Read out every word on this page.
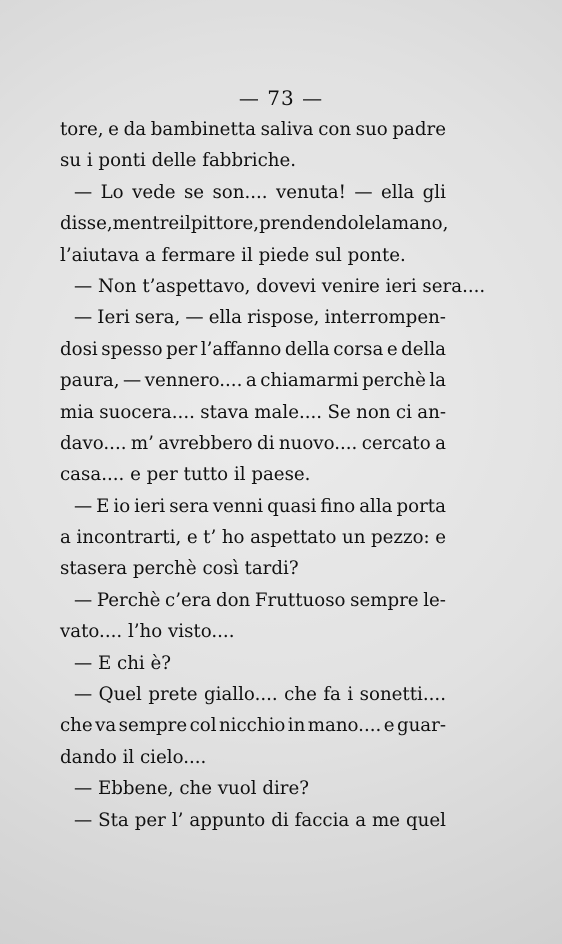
— 73 —
tore, e da bambinetta saliva con suo padre
su i ponti delle fabbriche.
— Lo vede se son.... venuta! — ella gli
disse, mentre il pittore, prendendole la mano,
l’aiutava a fermare il piede sul ponte.
— Non t’aspettavo, dovevi venire ieri sera....
— Ieri sera, — ella rispose, interrompen-
dosi spesso per l’affanno della corsa e della
paura, — vennero.... a chiamarmi perchè la
mia suocera.... stava male.... Se non ci an-
davo.... m’ avrebbero di nuovo.... cercato a
casa.... e per tutto il paese.
— E io ieri sera venni quasi fino alla porta
a incontrarti, e t’ ho aspettato un pezzo: e
stasera perchè così tardi?
— Perchè c’era don Fruttuoso sempre le-
vato.... l’ho visto....
— E chi è?
— Quel prete giallo.... che fa i sonetti....
che va sempre col nicchio in mano.... e guar-
dando il cielo....
— Ebbene, che vuol dire?
— Sta per l’ appunto di faccia a me quel
